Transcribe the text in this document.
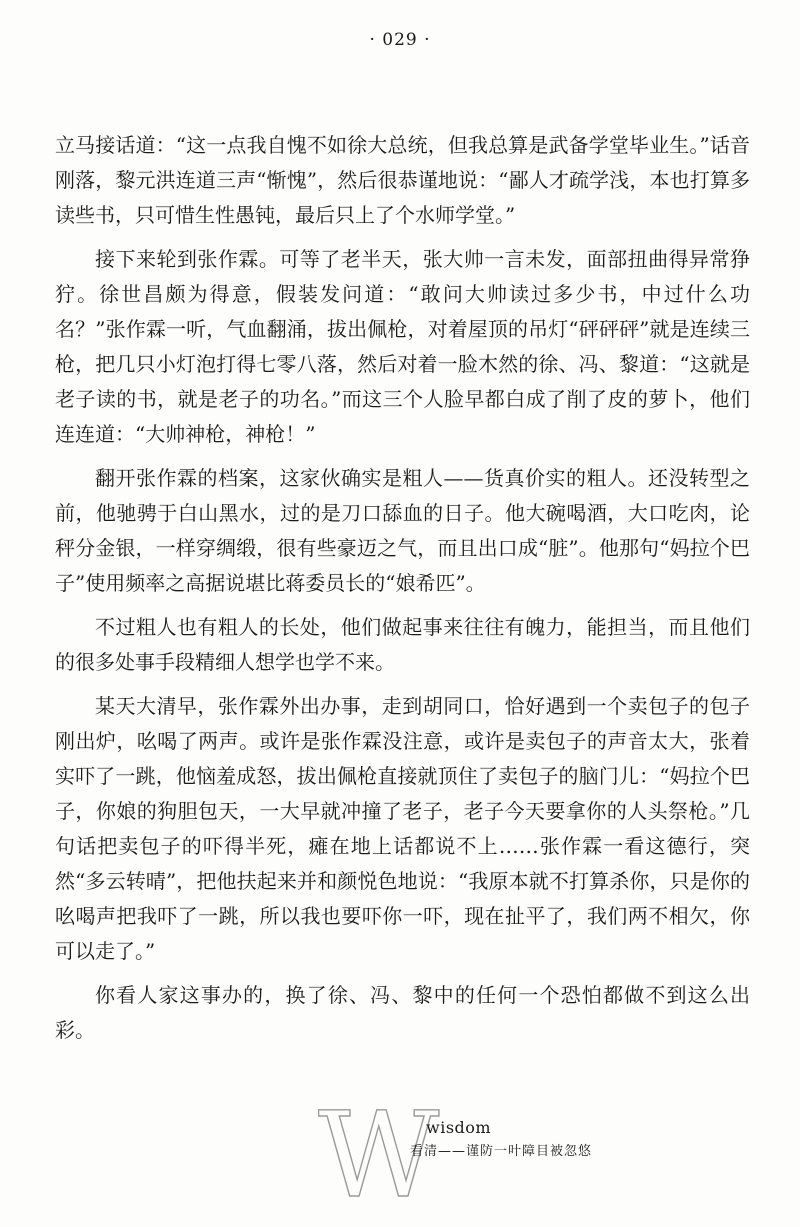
· 029 ·

立马接话道：“这一点我自愧不如徐大总统，但我总算是武备学堂毕业生。”话音刚落，黎元洪连道三声“惭愧”，然后很恭谨地说：“鄙人才疏学浅，本也打算多读些书，只可惜生性愚钝，最后只上了个水师学堂。”

接下来轮到张作霖。可等了老半天，张大帅一言未发，面部扭曲得异常狰狞。徐世昌颇为得意，假装发问道：“敢问大帅读过多少书，中过什么功名？”张作霖一听，气血翻涌，拔出佩枪，对着屋顶的吊灯“砰砰砰”就是连续三枪，把几只小灯泡打得七零八落，然后对着一脸木然的徐、冯、黎道：“这就是老子读的书，就是老子的功名。”而这三个人脸早都白成了削了皮的萝卜，他们连连道：“大帅神枪，神枪！”

翻开张作霖的档案，这家伙确实是粗人——货真价实的粗人。还没转型之前，他驰骋于白山黑水，过的是刀口舔血的日子。他大碗喝酒，大口吃肉，论秤分金银，一样穿绸缎，很有些豪迈之气，而且出口成“脏”。他那句“妈拉个巴子”使用频率之高据说堪比蒋委员长的“娘希匹”。

不过粗人也有粗人的长处，他们做起事来往往有魄力，能担当，而且他们的很多处事手段精细人想学也学不来。

某天大清早，张作霖外出办事，走到胡同口，恰好遇到一个卖包子的包子刚出炉，吆喝了两声。或许是张作霖没注意，或许是卖包子的声音太大，张着实吓了一跳，他恼羞成怒，拔出佩枪直接就顶住了卖包子的脑门儿：“妈拉个巴子，你娘的狗胆包天，一大早就冲撞了老子，老子今天要拿你的人头祭枪。”几句话把卖包子的吓得半死，瘫在地上话都说不上……张作霖一看这德行，突然“多云转晴”，把他扶起来并和颜悦色地说：“我原本就不打算杀你，只是你的吆喝声把我吓了一跳，所以我也要吓你一吓，现在扯平了，我们两不相欠，你可以走了。”

你看人家这事办的，换了徐、冯、黎中的任何一个恐怕都做不到这么出彩。

W
wisdom
看清——谨防一叶障目被忽悠
